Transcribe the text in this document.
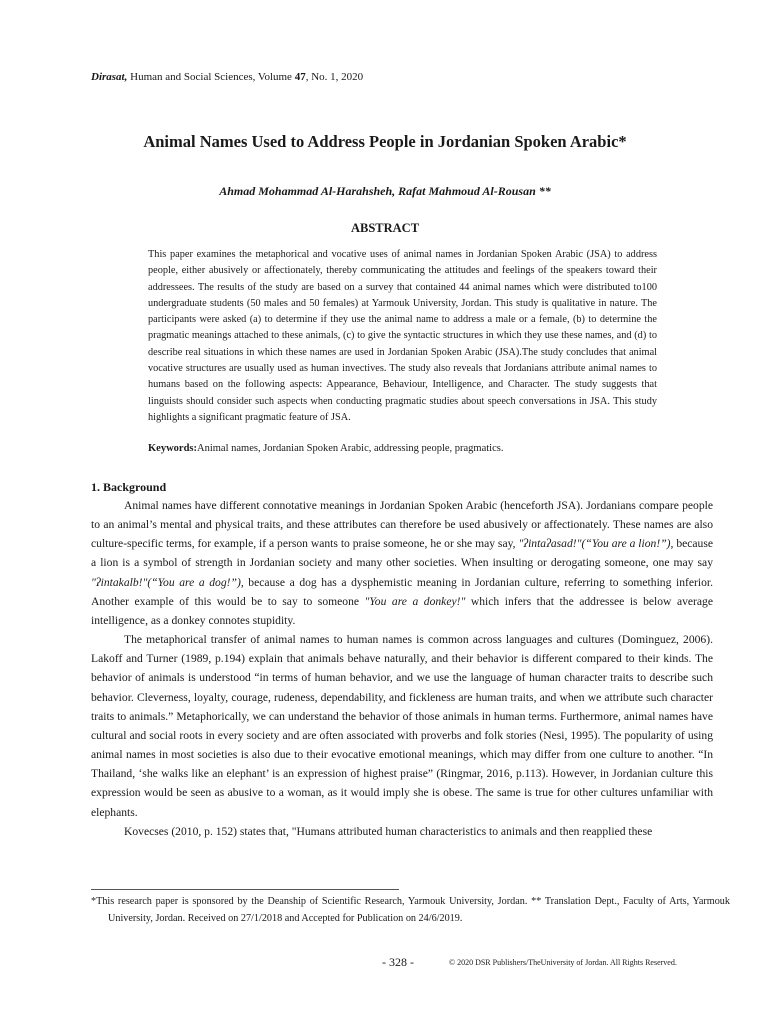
Dirasat, Human and Social Sciences, Volume 47, No. 1, 2020
Animal Names Used to Address People in Jordanian Spoken Arabic*
Ahmad Mohammad Al-Harahsheh, Rafat Mahmoud Al-Rousan **
ABSTRACT

This paper examines the metaphorical and vocative uses of animal names in Jordanian Spoken Arabic (JSA) to address people, either abusively or affectionately, thereby communicating the attitudes and feelings of the speakers toward their addressees. The results of the study are based on a survey that contained 44 animal names which were distributed to100 undergraduate students (50 males and 50 females) at Yarmouk University, Jordan. This study is qualitative in nature. The participants were asked (a) to determine if they use the animal name to address a male or a female, (b) to determine the pragmatic meanings attached to these animals, (c) to give the syntactic structures in which they use these names, and (d) to describe real situations in which these names are used in Jordanian Spoken Arabic (JSA).The study concludes that animal vocative structures are usually used as human invectives. The study also reveals that Jordanians attribute animal names to humans based on the following aspects: Appearance, Behaviour, Intelligence, and Character. The study suggests that linguists should consider such aspects when conducting pragmatic studies about speech conversations in JSA. This study highlights a significant pragmatic feature of JSA.

Keywords:Animal names, Jordanian Spoken Arabic, addressing people, pragmatics.
1. Background

Animal names have different connotative meanings in Jordanian Spoken Arabic (henceforth JSA). Jordanians compare people to an animal’s mental and physical traits, and these attributes can therefore be used abusively or affectionately. These names are also culture-specific terms, for example, if a person wants to praise someone, he or she may say, "ʔintaʔasad!"(“You are a lion!”), because a lion is a symbol of strength in Jordanian society and many other societies. When insulting or derogating someone, one may say "ʔintakalb!"(“You are a dog!”), because a dog has a dysphemistic meaning in Jordanian culture, referring to something inferior. Another example of this would be to say to someone "You are a donkey!" which infers that the addressee is below average intelligence, as a donkey connotes stupidity.

The metaphorical transfer of animal names to human names is common across languages and cultures (Dominguez, 2006). Lakoff and Turner (1989, p.194) explain that animals behave naturally, and their behavior is different compared to their kinds. The behavior of animals is understood “in terms of human behavior, and we use the language of human character traits to describe such behavior. Cleverness, loyalty, courage, rudeness, dependability, and fickleness are human traits, and when we attribute such character traits to animals.” Metaphorically, we can understand the behavior of those animals in human terms. Furthermore, animal names have cultural and social roots in every society and are often associated with proverbs and folk stories (Nesi, 1995). The popularity of using animal names in most societies is also due to their evocative emotional meanings, which may differ from one culture to another. “In Thailand, ‘she walks like an elephant’ is an expression of highest praise” (Ringmar, 2016, p.113). However, in Jordanian culture this expression would be seen as abusive to a woman, as it would imply she is obese. The same is true for other cultures unfamiliar with elephants.

Kovecses (2010, p. 152) states that, "Humans attributed human characteristics to animals and then reapplied these

*This research paper is sponsored by the Deanship of Scientific Research, Yarmouk University, Jordan. ** Translation Dept., Faculty of Arts, Yarmouk University, Jordan. Received on 27/1/2018 and Accepted for Publication on 24/6/2019.

- 328 -	© 2020 DSR Publishers/TheUniversity of Jordan. All Rights Reserved.
